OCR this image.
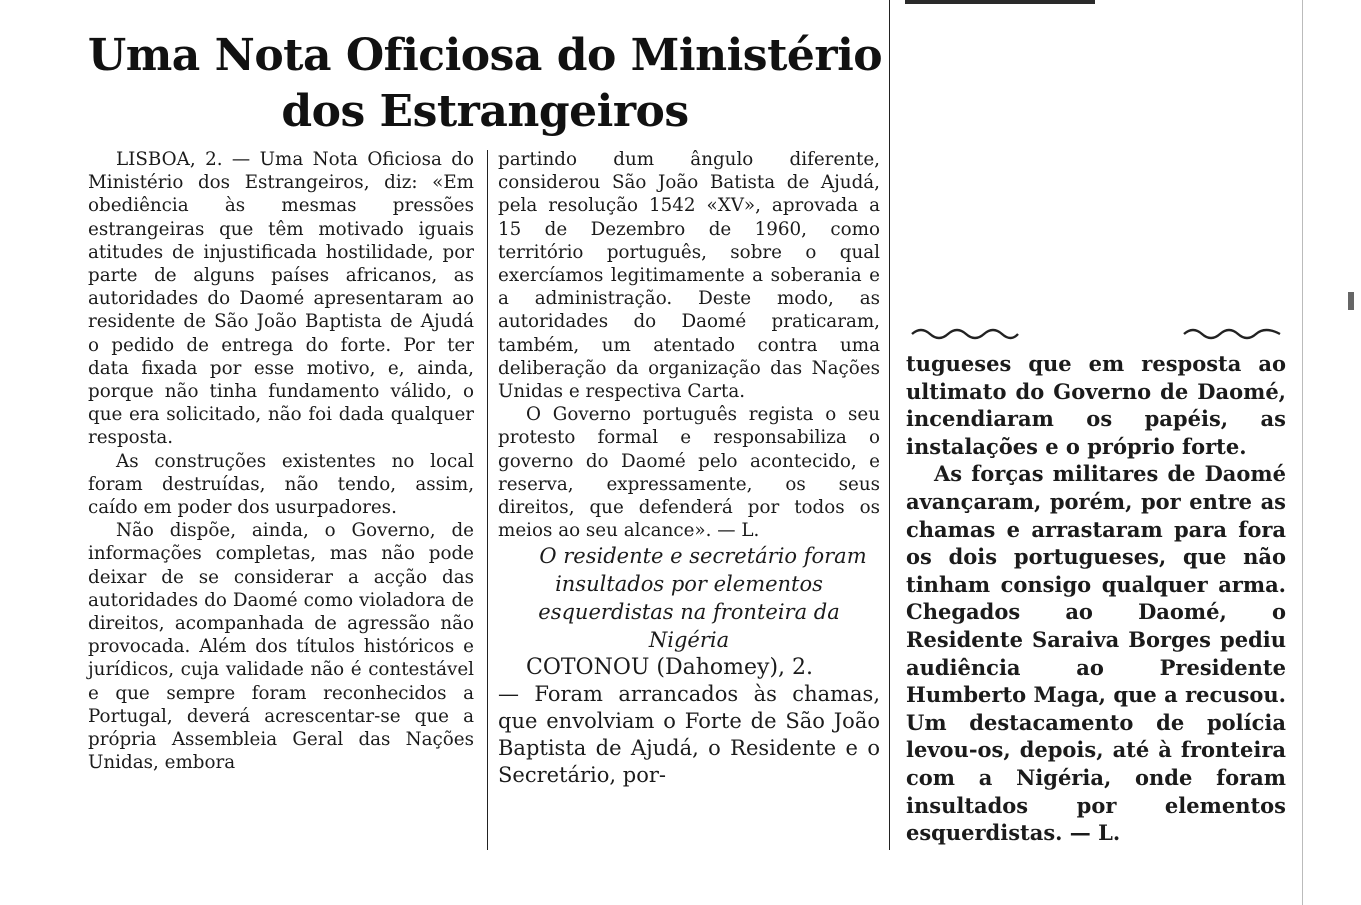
Uma Nota Oficiosa do Ministério
dos Estrangeiros

LISBOA, 2. — Uma Nota Oficiosa do Ministério dos Estrangeiros, diz: «Em obediência às mesmas pressões estrangeiras que têm motivado iguais atitudes de injustificada hostilidade, por parte de alguns países africanos, as autoridades do Daomé apresentaram ao residente de São João Baptista de Ajudá o pedido de entrega do forte. Por ter data fixada por esse motivo, e, ainda, porque não tinha fundamento válido, o que era solicitado, não foi dada qualquer resposta.

As construções existentes no local foram destruídas, não tendo, assim, caído em poder dos usurpadores.

Não dispõe, ainda, o Governo, de informações completas, mas não pode deixar de se considerar a acção das autoridades do Daomé como violadora de direitos, acompanhada de agressão não provocada. Além dos títulos históricos e jurídicos, cuja validade não é contestável e que sempre foram reconhecidos a Portugal, deverá acrescentar-se que a própria Assembleia Geral das Nações Unidas, embora

partindo dum ângulo diferente, considerou São João Batista de Ajudá, pela resolução 1542 «XV», aprovada a 15 de Dezembro de 1960, como território português, sobre o qual exercíamos legitimamente a soberania e a administração. Deste modo, as autoridades do Daomé praticaram, também, um atentado contra uma deliberação da organização das Nações Unidas e respectiva Carta.

O Governo português regista o seu protesto formal e responsabiliza o governo do Daomé pelo acontecido, e reserva, expressamente, os seus direitos, que defenderá por todos os meios ao seu alcance». — L.

O residente e secretário foram insultados por elementos esquerdistas na fronteira da Nigéria

COTONOU (Dahomey), 2.

— Foram arrancados às chamas, que envolviam o Forte de São João Baptista de Ajudá, o Residente e o Secretário, por-

tugueses que em resposta ao ultimato do Governo de Daomé, incendiaram os papéis, as instalações e o próprio forte.

As forças militares de Daomé avançaram, porém, por entre as chamas e arrastaram para fora os dois portugueses, que não tinham consigo qualquer arma. Chegados ao Daomé, o Residente Saraiva Borges pediu audiência ao Presidente Humberto Maga, que a recusou. Um destacamento de polícia levou-os, depois, até à fronteira com a Nigéria, onde foram insultados por elementos esquerdistas. — L.
